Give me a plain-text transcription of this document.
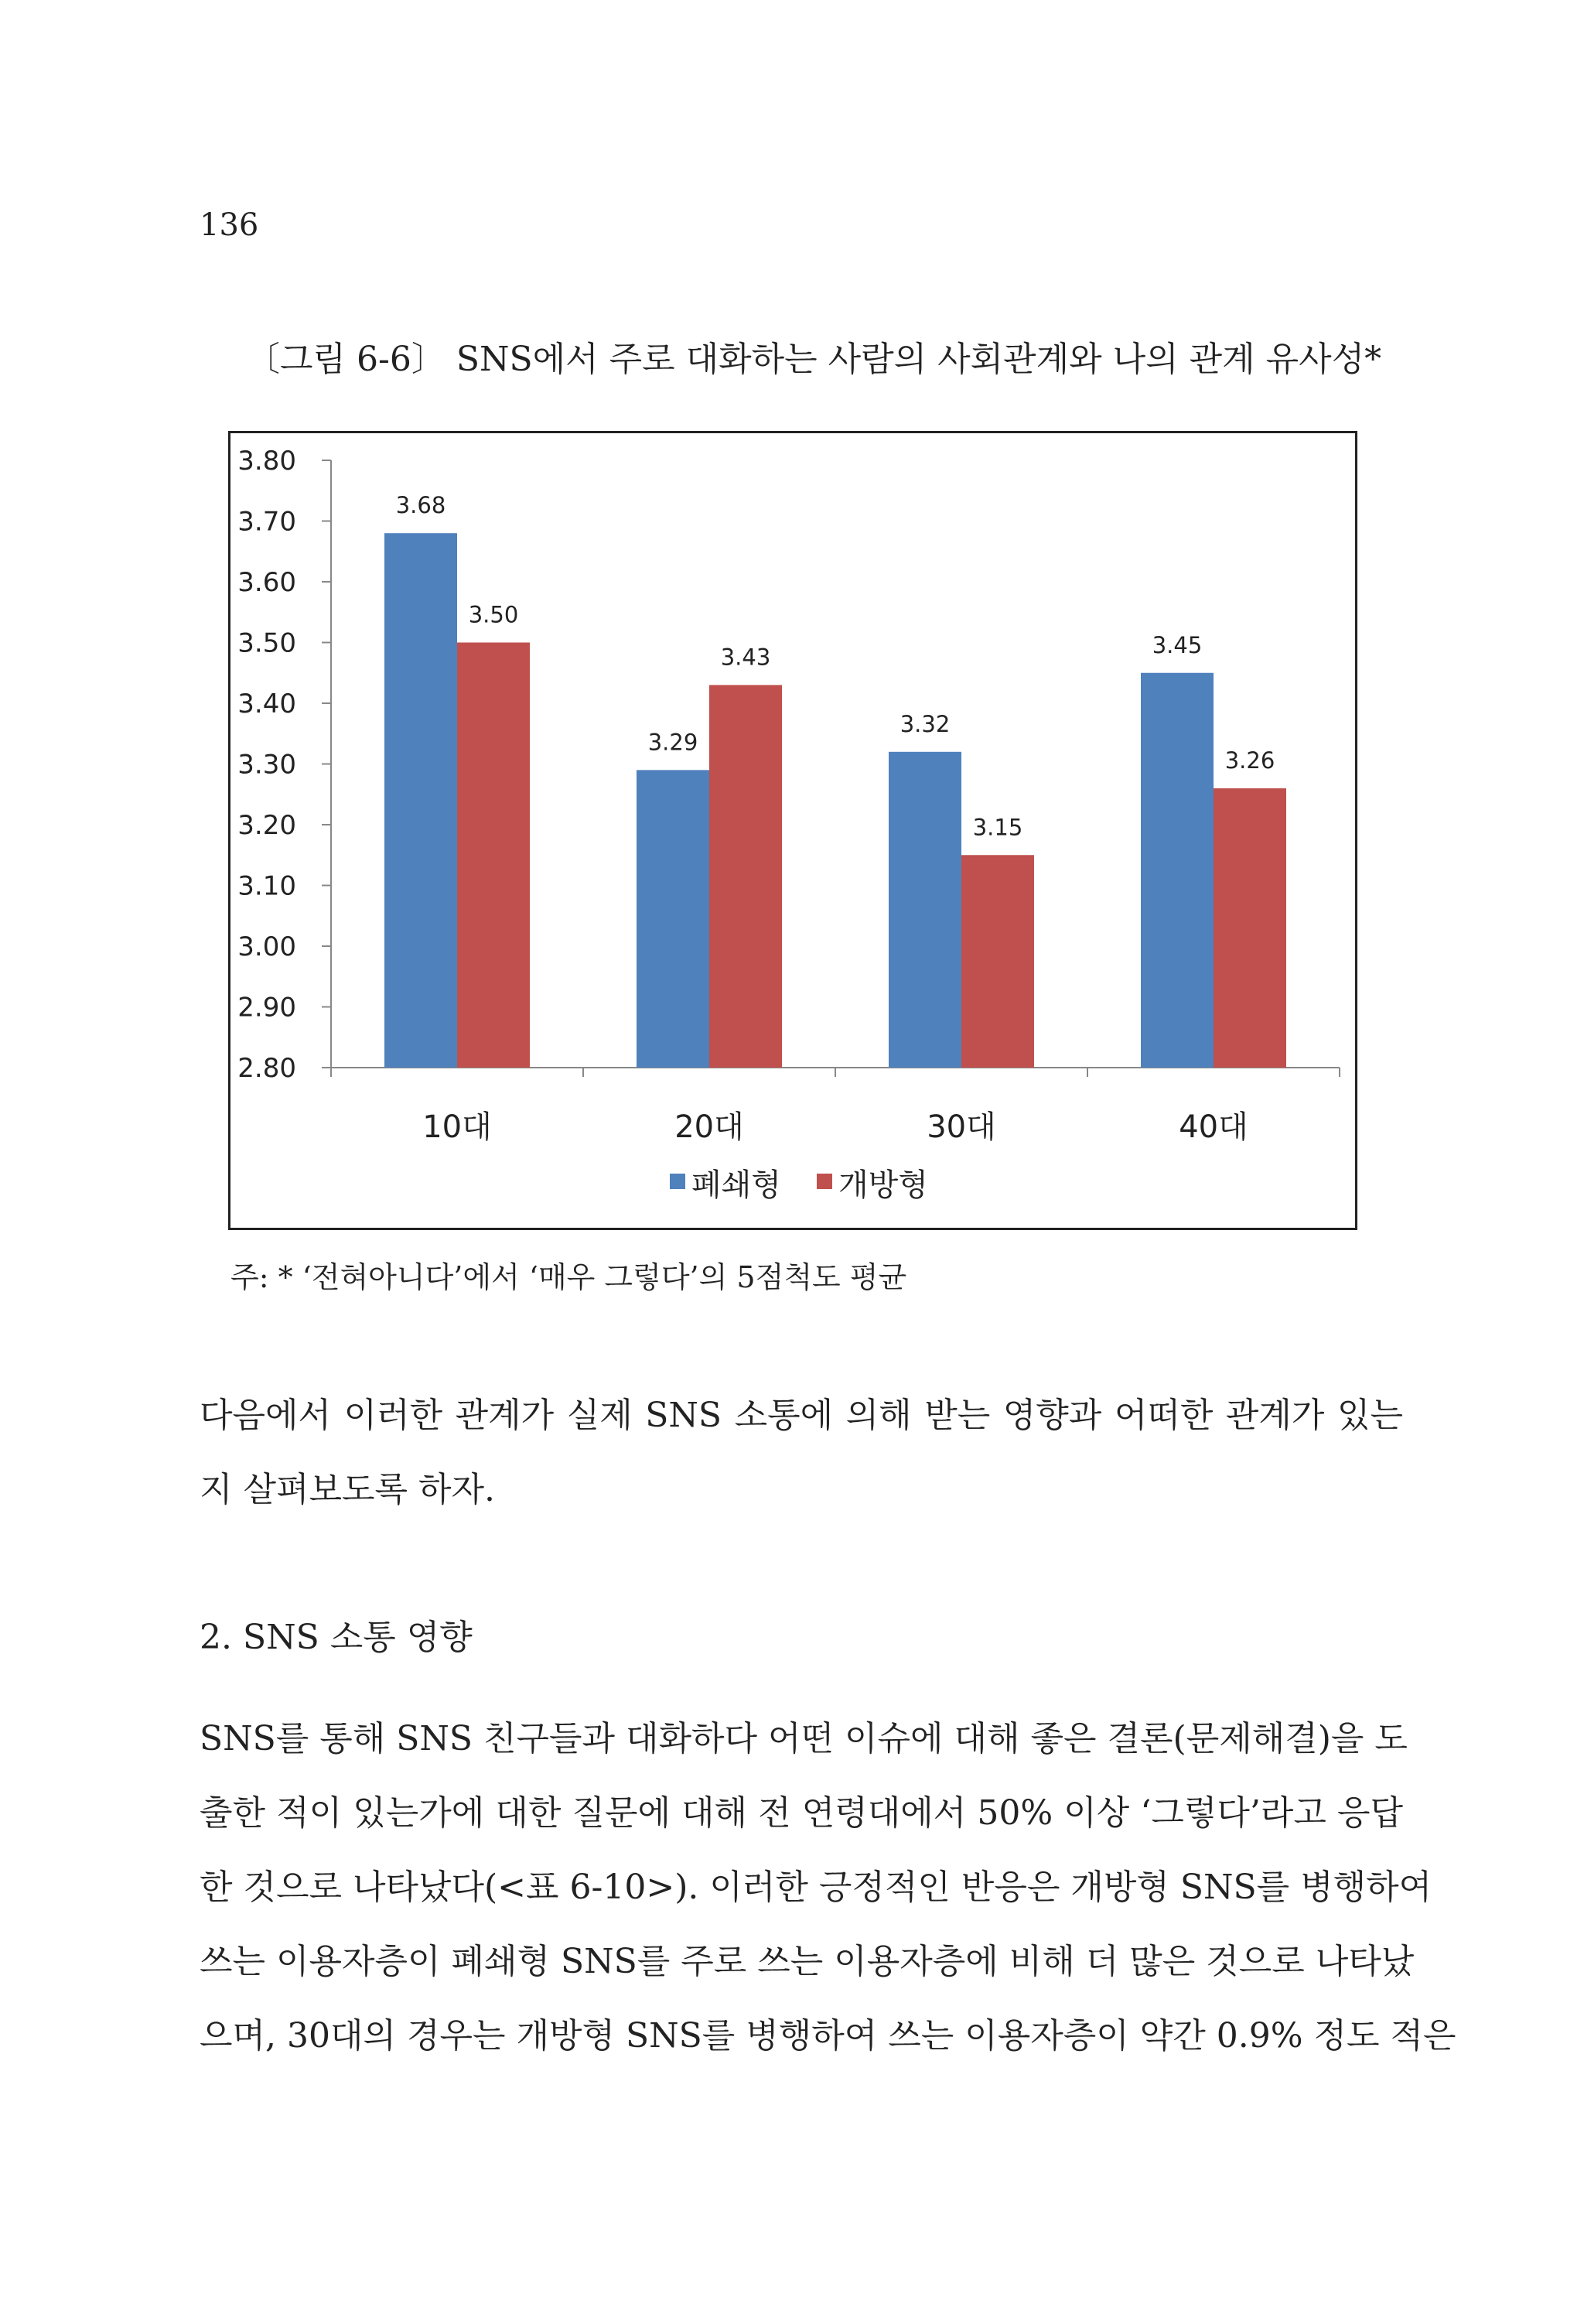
136
〔그림 6-6〕 SNS에서 주로 대화하는 사람의 사회관계와 나의 관계 유사성*
2.80
2.90
3.00
3.10
3.20
3.30
3.40
3.50
3.60
3.70
3.80
10대
3.68
3.50
20대
3.29
3.43
30대
3.32
3.15
40대
3.45
3.26
폐쇄형 개방형
주: * ‘전혀아니다’에서 ‘매우 그렇다’의 5점척도 평균
다음에서 이러한 관계가 실제 SNS 소통에 의해 받는 영향과 어떠한 관계가 있는
지 살펴보도록 하자.
2. SNS 소통 영향
SNS를 통해 SNS 친구들과 대화하다 어떤 이슈에 대해 좋은 결론(문제해결)을 도
출한 적이 있는가에 대한 질문에 대해 전 연령대에서 50% 이상 ‘그렇다’라고 응답
한 것으로 나타났다(<표 6-10>). 이러한 긍정적인 반응은 개방형 SNS를 병행하여
쓰는 이용자층이 폐쇄형 SNS를 주로 쓰는 이용자층에 비해 더 많은 것으로 나타났
으며, 30대의 경우는 개방형 SNS를 병행하여 쓰는 이용자층이 약간 0.9% 정도 적은
